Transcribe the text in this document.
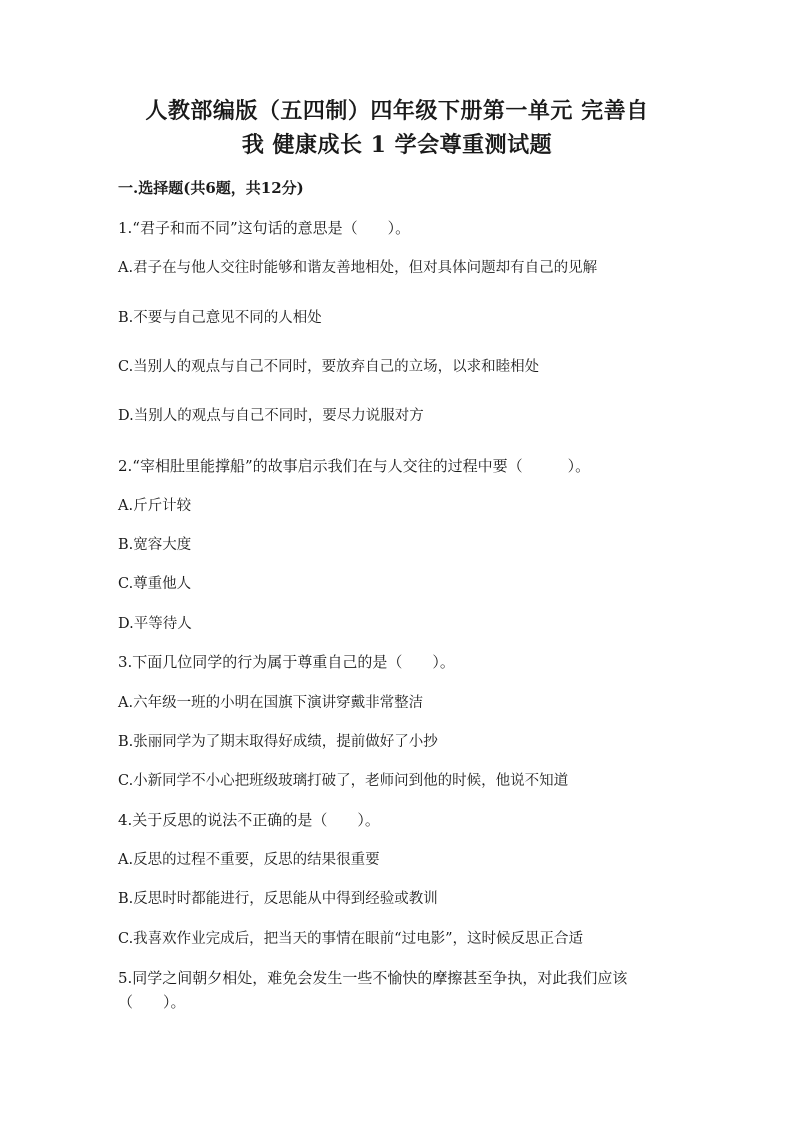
人教部编版（五四制）四年级下册第一单元 完善自
我 健康成长 1 学会尊重测试题
一.选择题(共6题，共12分)
1.“君子和而不同”这句话的意思是（　　）。
A.君子在与他人交往时能够和谐友善地相处，但对具体问题却有自己的见解
B.不要与自己意见不同的人相处
C.当别人的观点与自己不同时，要放弃自己的立场，以求和睦相处
D.当别人的观点与自己不同时，要尽力说服对方
2.“宰相肚里能撑船”的故事启示我们在与人交往的过程中要（　　　）。
A.斤斤计较
B.宽容大度
C.尊重他人
D.平等待人
3.下面几位同学的行为属于尊重自己的是（　　）。
A.六年级一班的小明在国旗下演讲穿戴非常整洁
B.张丽同学为了期末取得好成绩，提前做好了小抄
C.小新同学不小心把班级玻璃打破了，老师问到他的时候，他说不知道
4.关于反思的说法不正确的是（　　）。
A.反思的过程不重要，反思的结果很重要
B.反思时时都能进行，反思能从中得到经验或教训
C.我喜欢作业完成后，把当天的事情在眼前“过电影”，这时候反思正合适
5.同学之间朝夕相处，难免会发生一些不愉快的摩擦甚至争执，对此我们应该
（　　）。
